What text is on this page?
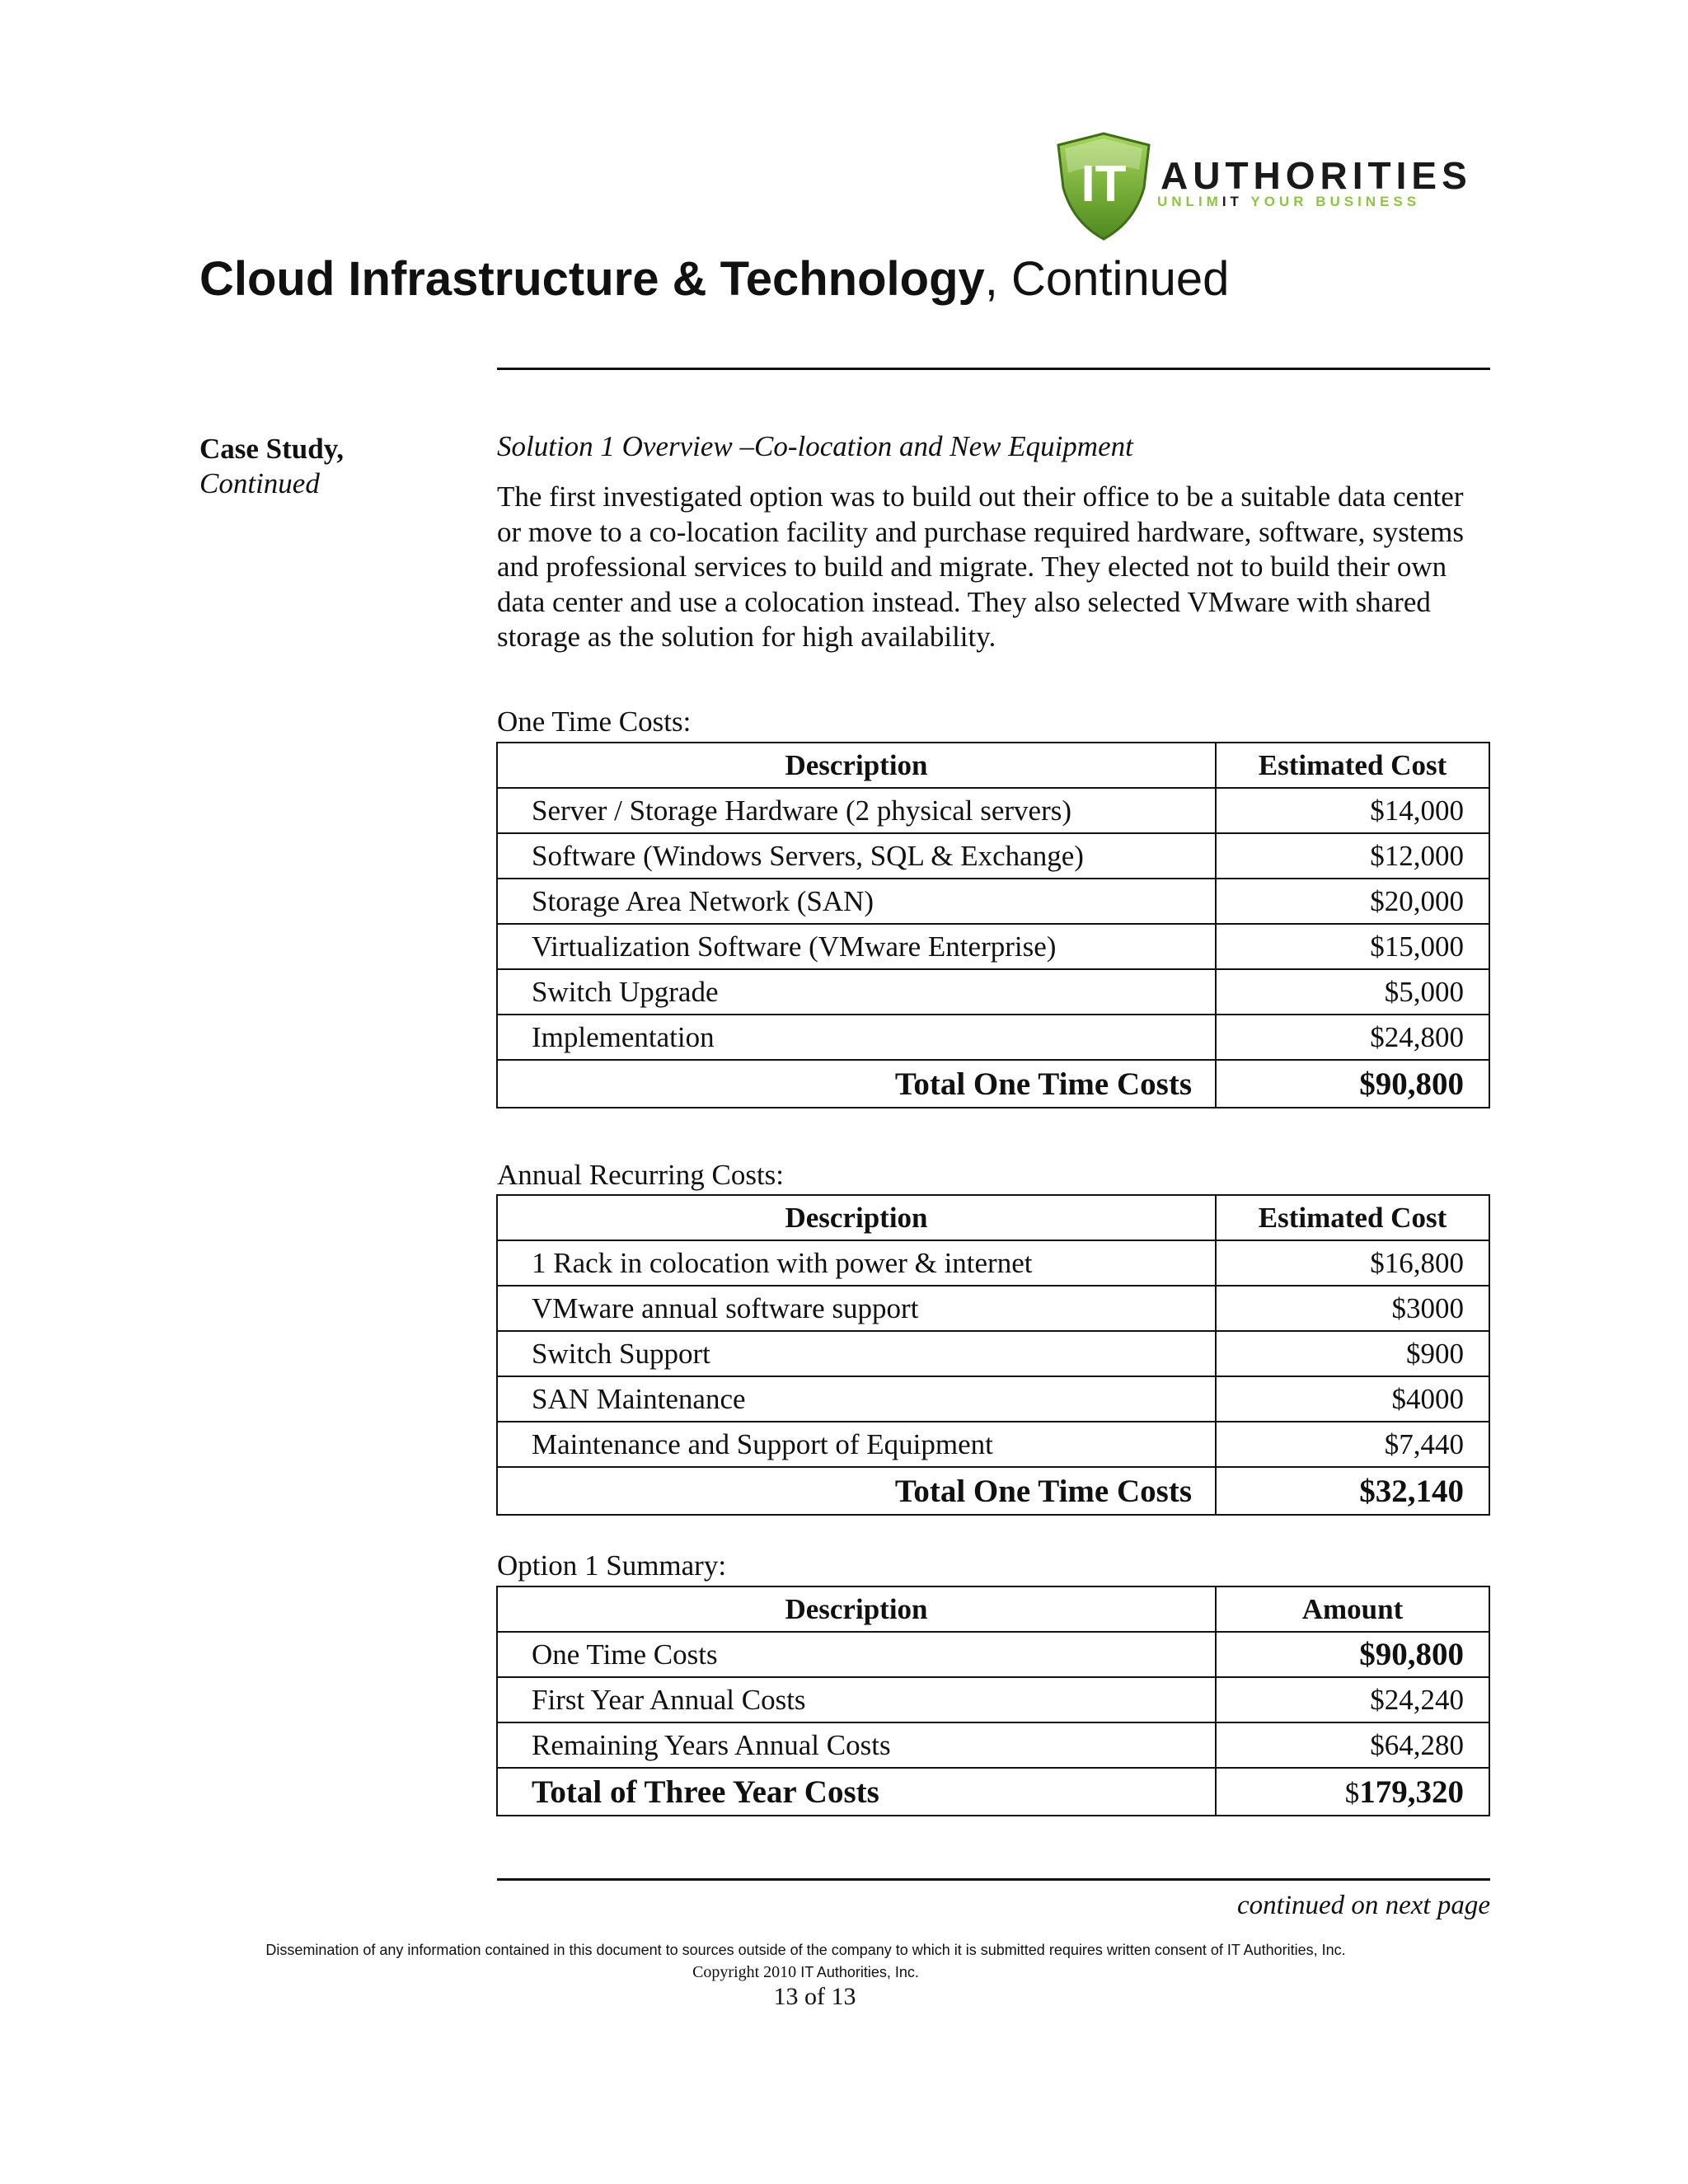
IT AUTHORITIES
UNLIMIT YOUR BUSINESS
Cloud Infrastructure & Technology, Continued
Case Study,
Continued
Solution 1 Overview –Co-location and New Equipment
The first investigated option was to build out their office to be a suitable data center or move to a co-location facility and purchase required hardware, software, systems and professional services to build and migrate. They elected not to build their own data center and use a colocation instead. They also selected VMware with shared storage as the solution for high availability.
One Time Costs:
Description	Estimated Cost
Server / Storage Hardware (2 physical servers)	$14,000
Software (Windows Servers, SQL & Exchange)	$12,000
Storage Area Network (SAN)	$20,000
Virtualization Software (VMware Enterprise)	$15,000
Switch Upgrade	$5,000
Implementation	$24,800
Total One Time Costs	$90,800
Annual Recurring Costs:
Description	Estimated Cost
1 Rack in colocation with power & internet	$16,800
VMware annual software support	$3000
Switch Support	$900
SAN Maintenance	$4000
Maintenance and Support of Equipment	$7,440
Total One Time Costs	$32,140
Option 1 Summary:
Description	Amount
One Time Costs	$90,800
First Year Annual Costs	$24,240
Remaining Years Annual Costs	$64,280
Total of Three Year Costs	$179,320
continued on next page
Dissemination of any information contained in this document to sources outside of the company to which it is submitted requires written consent of IT Authorities, Inc.
Copyright 2010 IT Authorities, Inc.
13 of 13
